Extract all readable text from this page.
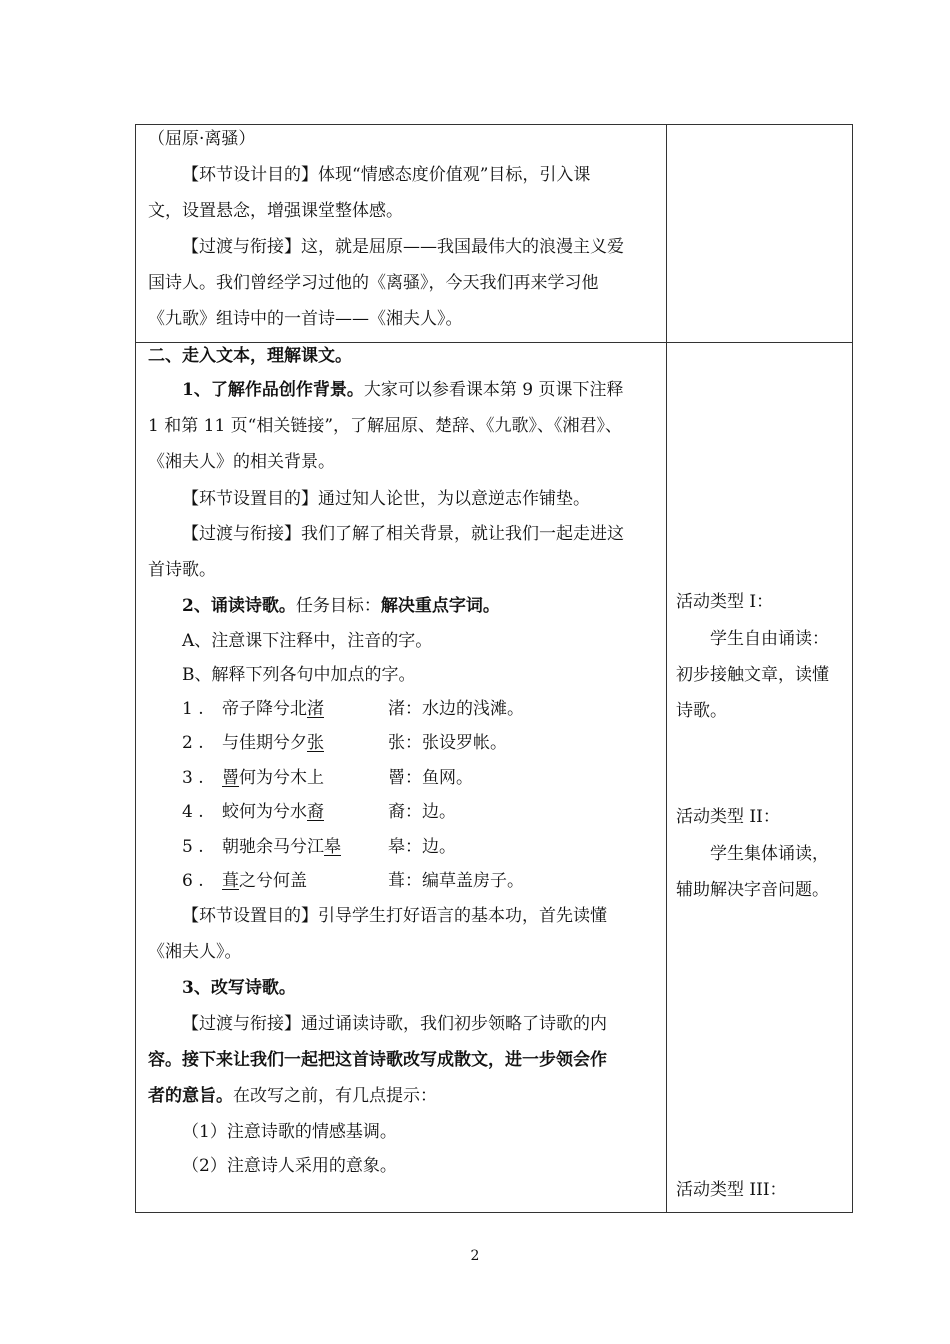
（屈原·离骚）
【环节设计目的】体现“情感态度价值观”目标，引入课
文，设置悬念，增强课堂整体感。
【过渡与衔接】这，就是屈原——我国最伟大的浪漫主义爱
国诗人。我们曾经学习过他的《离骚》，今天我们再来学习他
《九歌》组诗中的一首诗——《湘夫人》。
二、走入文本，理解课文。
1、了解作品创作背景。大家可以参看课本第 9 页课下注释
1 和第 11 页“相关链接”，了解屈原、楚辞、《九歌》、《湘君》、
《湘夫人》的相关背景。
【环节设置目的】通过知人论世，为以意逆志作铺垫。
【过渡与衔接】我们了解了相关背景，就让我们一起走进这
首诗歌。
2、诵读诗歌。任务目标：解决重点字词。
A、注意课下注释中，注音的字。
B、解释下列各句中加点的字。
1 . 帝子降兮北渚	渚：水边的浅滩。
2 . 与佳期兮夕张	张：张设罗帐。
3 . 罾何为兮木上	罾：鱼网。
4 . 蛟何为兮水裔	裔：边。
5 . 朝驰余马兮江皋	皋：边。
6 . 葺之兮何盖	葺：编草盖房子。
【环节设置目的】引导学生打好语言的基本功，首先读懂
《湘夫人》。
3、改写诗歌。
【过渡与衔接】通过诵读诗歌，我们初步领略了诗歌的内
容。接下来让我们一起把这首诗歌改写成散文，进一步领会作
者的意旨。在改写之前，有几点提示：
（1）注意诗歌的情感基调。
（2）注意诗人采用的意象。
活动类型 I：
学生自由诵读：
初步接触文章，读懂
诗歌。
活动类型 II：
学生集体诵读，
辅助解决字音问题。
活动类型 III：
2
